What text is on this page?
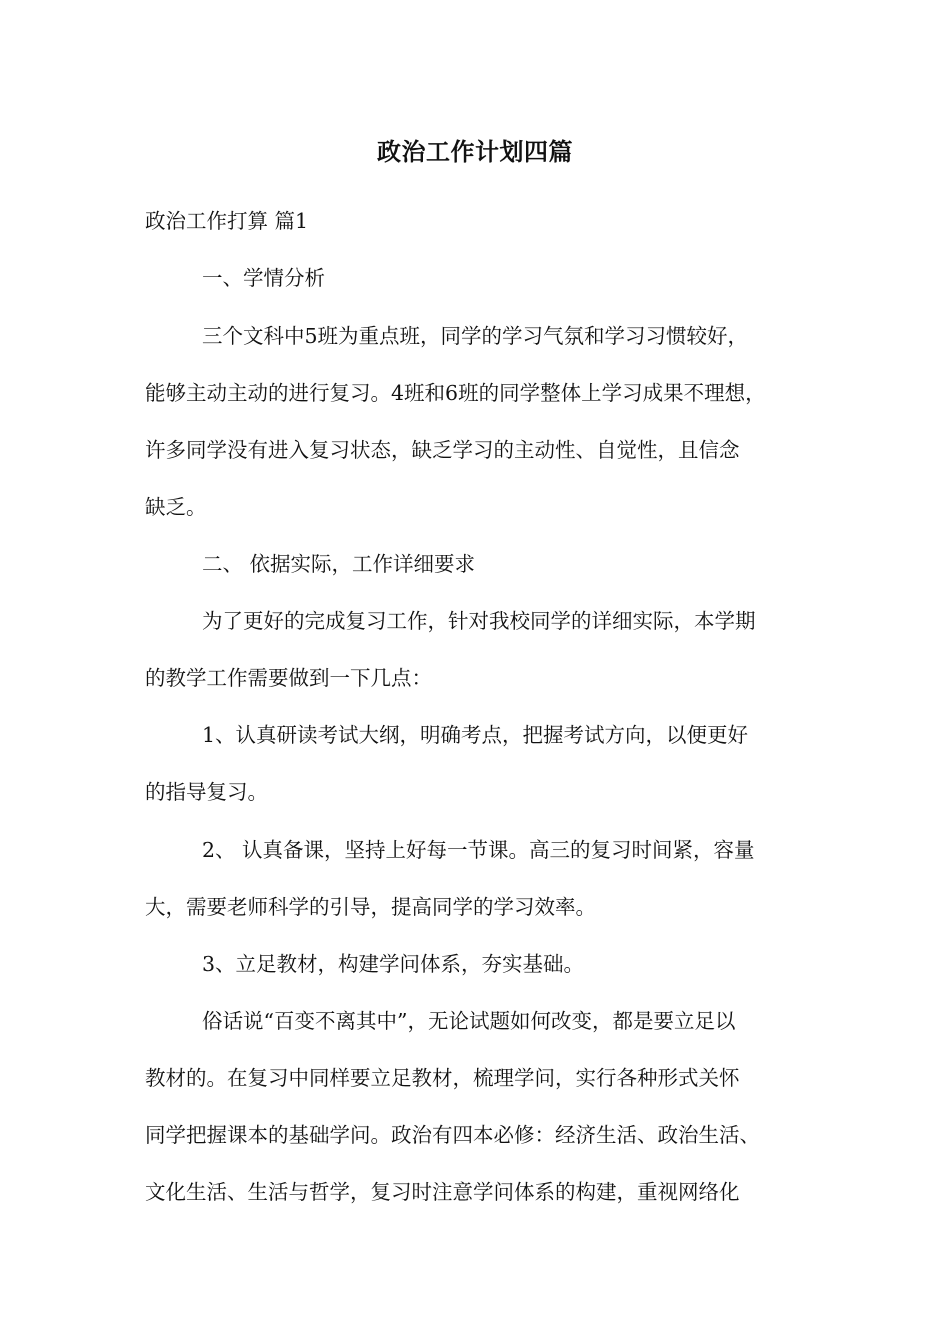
政治工作计划四篇
政治工作打算 篇1
一、学情分析
三个文科中5班为重点班，同学的学习气氛和学习习惯较好，
能够主动主动的进行复习。4班和6班的同学整体上学习成果不理想，
许多同学没有进入复习状态，缺乏学习的主动性、自觉性，且信念
缺乏。
二、 依据实际，工作详细要求
为了更好的完成复习工作，针对我校同学的详细实际，本学期
的教学工作需要做到一下几点：
1、认真研读考试大纲，明确考点，把握考试方向，以便更好
的指导复习。
2、 认真备课，坚持上好每一节课。高三的复习时间紧，容量
大，需要老师科学的引导，提高同学的学习效率。
3、立足教材，构建学问体系，夯实基础。
俗话说“百变不离其中”，无论试题如何改变，都是要立足以
教材的。在复习中同样要立足教材，梳理学问，实行各种形式关怀
同学把握课本的基础学问。政治有四本必修：经济生活、政治生活、
文化生活、生活与哲学，复习时注意学问体系的构建，重视网络化
